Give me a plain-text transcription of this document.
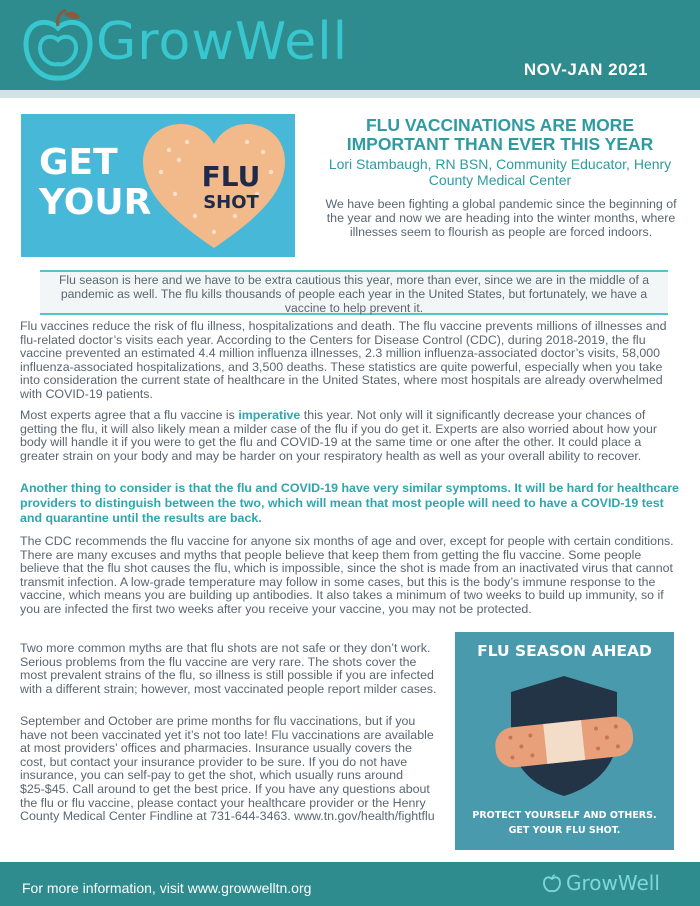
GrowWell	NOV-JAN 2021
GET
YOUR
FLU
SHOT
FLU VACCINATIONS ARE MORE IMPORTANT THAN EVER THIS YEAR
Lori Stambaugh, RN BSN, Community Educator, Henry County Medical Center
We have been fighting a global pandemic since the beginning of the year and now we are heading into the winter months, where illnesses seem to flourish as people are forced indoors.
Flu season is here and we have to be extra cautious this year, more than ever, since we are in the middle of a pandemic as well. The flu kills thousands of people each year in the United States, but fortunately, we have a vaccine to help prevent it.
Flu vaccines reduce the risk of flu illness, hospitalizations and death. The flu vaccine prevents millions of illnesses and flu-related doctor’s visits each year. According to the Centers for Disease Control (CDC), during 2018-2019, the flu vaccine prevented an estimated 4.4 million influenza illnesses, 2.3 million influenza-associated doctor’s visits, 58,000 influenza-associated hospitalizations, and 3,500 deaths. These statistics are quite powerful, especially when you take into consideration the current state of healthcare in the United States, where most hospitals are already overwhelmed with COVID-19 patients.
Most experts agree that a flu vaccine is imperative this year. Not only will it significantly decrease your chances of getting the flu, it will also likely mean a milder case of the flu if you do get it. Experts are also worried about how your body will handle it if you were to get the flu and COVID-19 at the same time or one after the other. It could place a greater strain on your body and may be harder on your respiratory health as well as your overall ability to recover.
Another thing to consider is that the flu and COVID-19 have very similar symptoms. It will be hard for healthcare providers to distinguish between the two, which will mean that most people will need to have a COVID-19 test and quarantine until the results are back.
The CDC recommends the flu vaccine for anyone six months of age and over, except for people with certain conditions. There are many excuses and myths that people believe that keep them from getting the flu vaccine. Some people believe that the flu shot causes the flu, which is impossible, since the shot is made from an inactivated virus that cannot transmit infection. A low-grade temperature may follow in some cases, but this is the body’s immune response to the vaccine, which means you are building up antibodies. It also takes a minimum of two weeks to build up immunity, so if you are infected the first two weeks after you receive your vaccine, you may not be protected.
Two more common myths are that flu shots are not safe or they don’t work. Serious problems from the flu vaccine are very rare. The shots cover the most prevalent strains of the flu, so illness is still possible if you are infected with a different strain; however, most vaccinated people report milder cases.
September and October are prime months for flu vaccinations, but if you have not been vaccinated yet it’s not too late! Flu vaccinations are available at most providers’ offices and pharmacies. Insurance usually covers the cost, but contact your insurance provider to be sure. If you do not have insurance, you can self-pay to get the shot, which usually runs around $25-$45. Call around to get the best price. If you have any questions about the flu or flu vaccine, please contact your healthcare provider or the Henry County Medical Center Findline at 731-644-3463. www.tn.gov/health/fightflu
FLU SEASON AHEAD
PROTECT YOURSELF AND OTHERS.
GET YOUR FLU SHOT.
For more information, visit www.growwelltn.org	GrowWell
